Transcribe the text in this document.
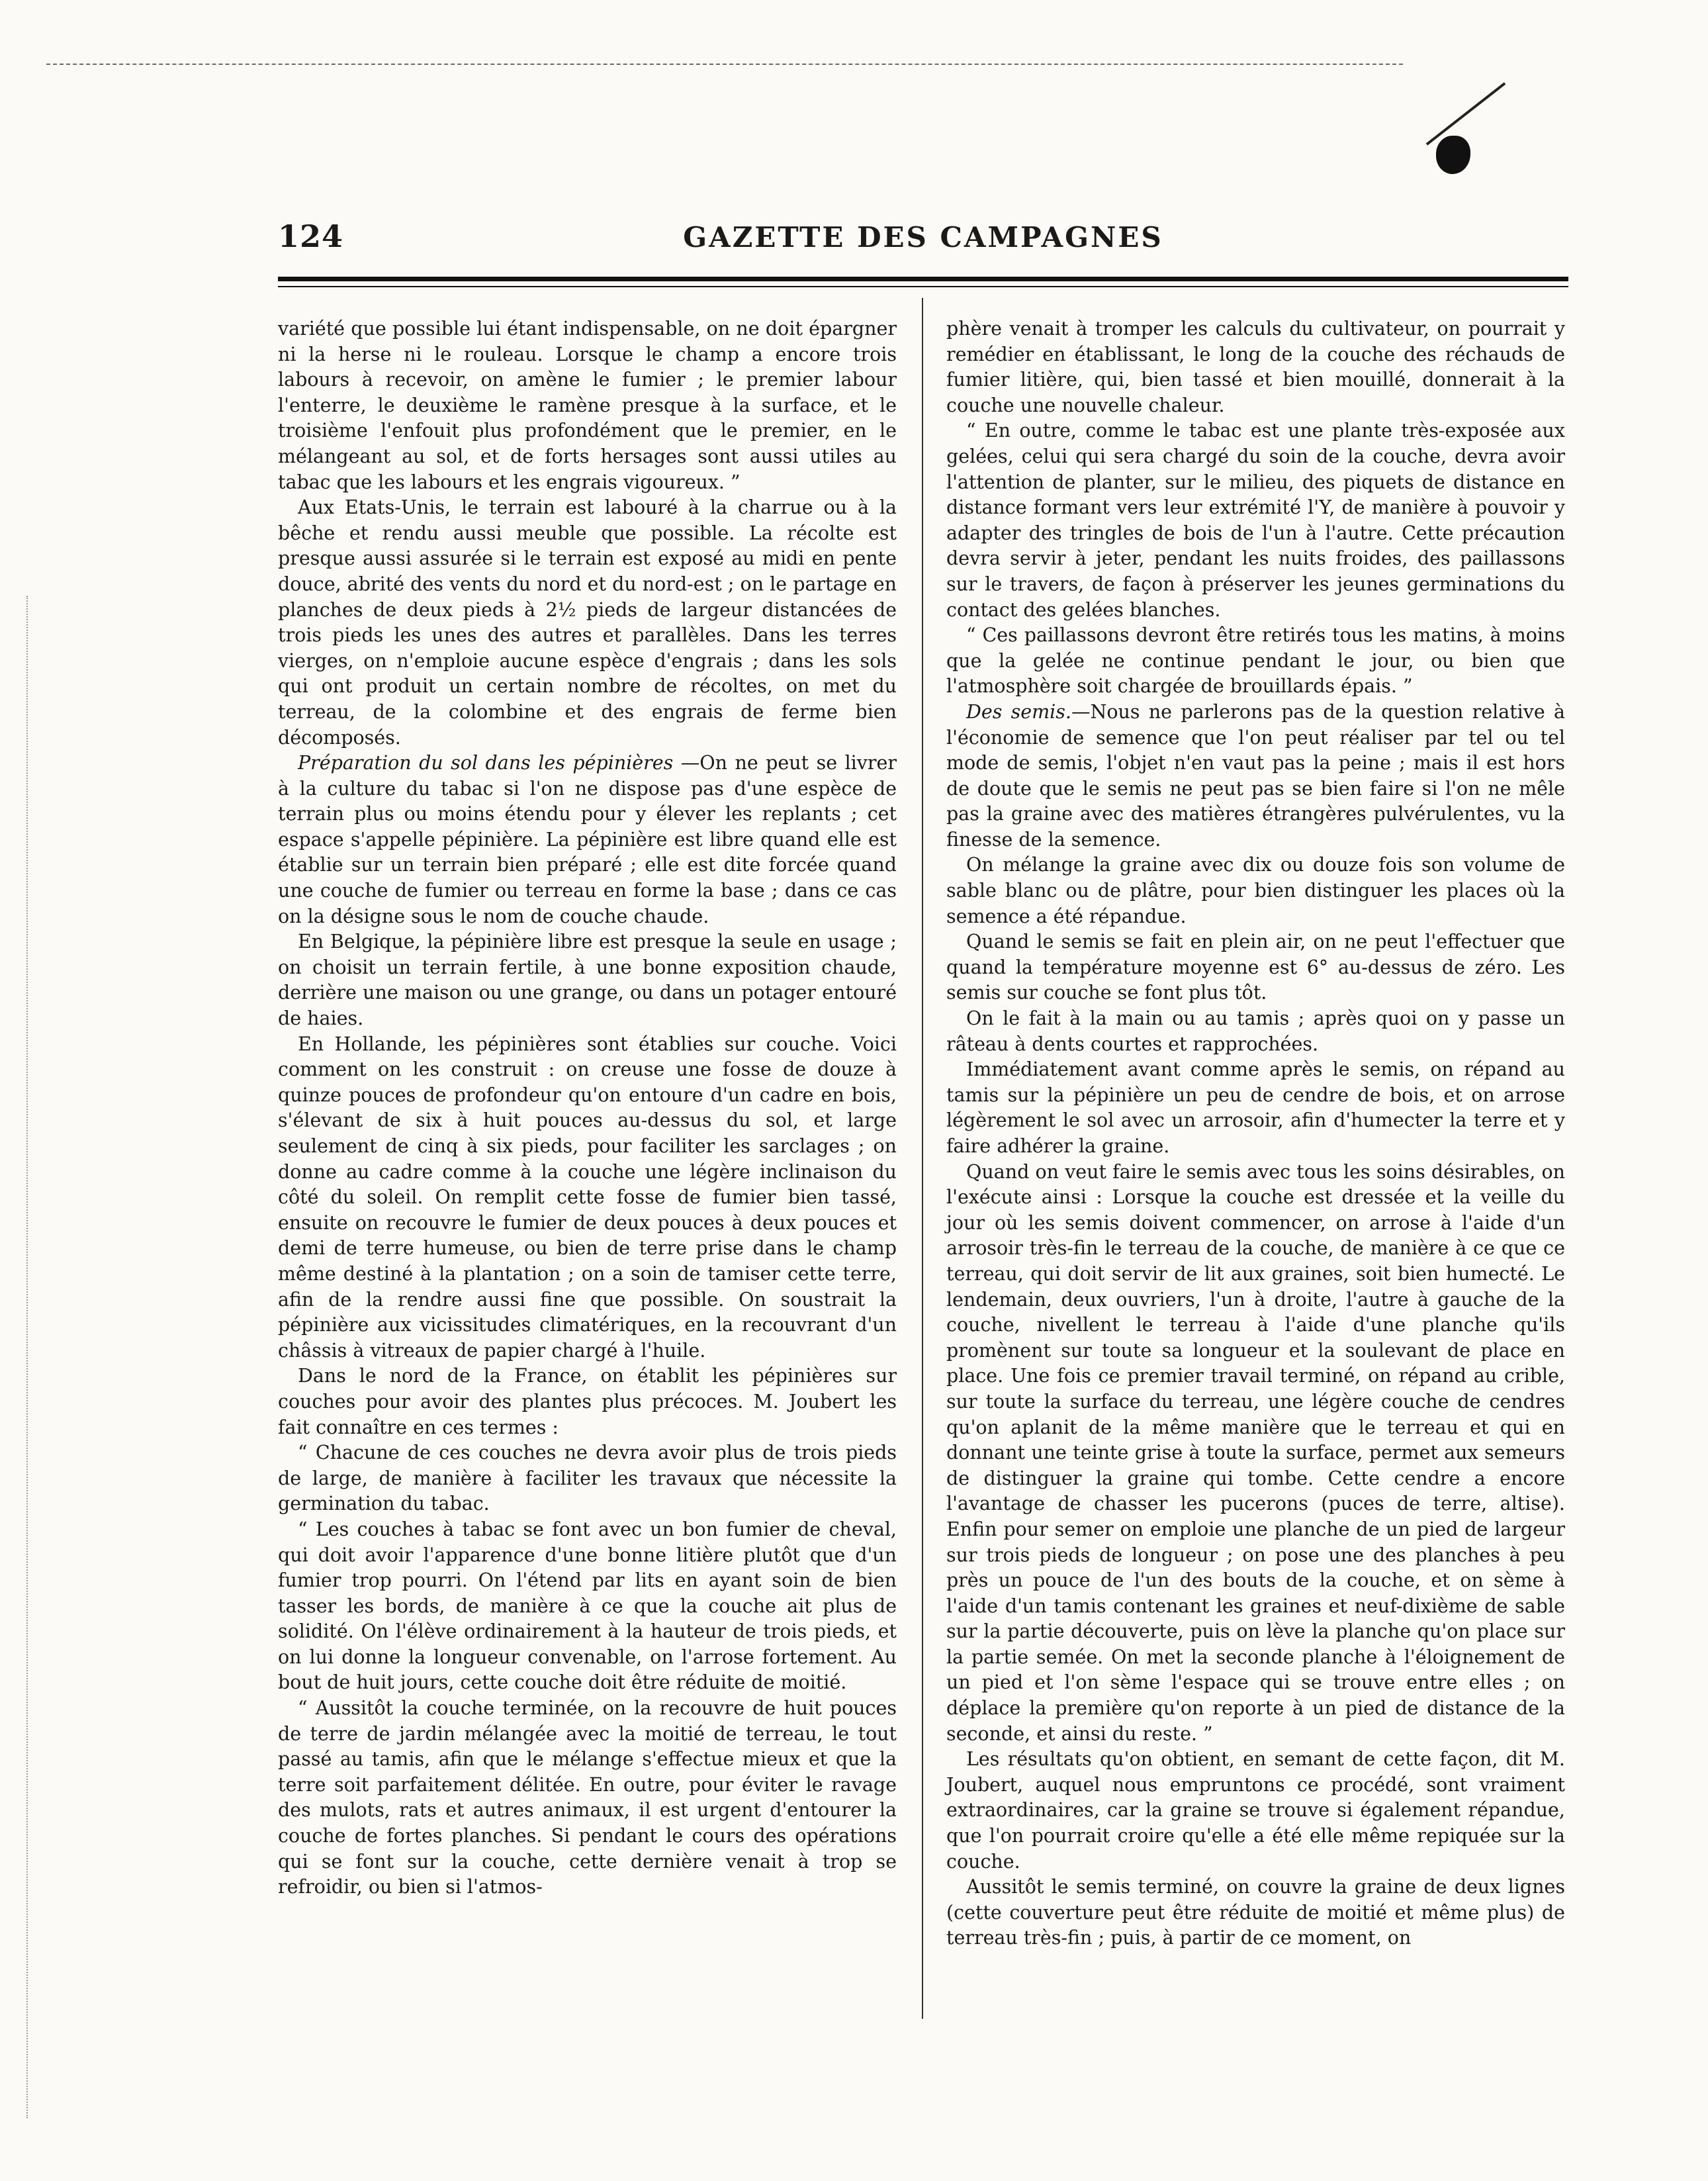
124	GAZETTE DES CAMPAGNES

variété que possible lui étant indispensable, on ne doit épargner ni la herse ni le rouleau. Lorsque le champ a encore trois labours à recevoir, on amène le fumier ; le premier labour l'enterre, le deuxième le ramène presque à la surface, et le troisième l'enfouit plus profondément que le premier, en le mélangeant au sol, et de forts hersages sont aussi utiles au tabac que les labours et les engrais vigoureux. ”

Aux Etats-Unis, le terrain est labouré à la charrue ou à la bêche et rendu aussi meuble que possible. La récolte est presque aussi assurée si le terrain est exposé au midi en pente douce, abrité des vents du nord et du nord-est ; on le partage en planches de deux pieds à 2½ pieds de largeur distancées de trois pieds les unes des autres et parallèles. Dans les terres vierges, on n'emploie aucune espèce d'engrais ; dans les sols qui ont produit un certain nombre de récoltes, on met du terreau, de la colombine et des engrais de ferme bien décomposés.

Préparation du sol dans les pépinières —On ne peut se livrer à la culture du tabac si l'on ne dispose pas d'une espèce de terrain plus ou moins étendu pour y élever les replants ; cet espace s'appelle pépinière. La pépinière est libre quand elle est établie sur un terrain bien préparé ; elle est dite forcée quand une couche de fumier ou terreau en forme la base ; dans ce cas on la désigne sous le nom de couche chaude.

En Belgique, la pépinière libre est presque la seule en usage ; on choisit un terrain fertile, à une bonne exposition chaude, derrière une maison ou une grange, ou dans un potager entouré de haies.

En Hollande, les pépinières sont établies sur couche. Voici comment on les construit : on creuse une fosse de douze à quinze pouces de profondeur qu'on entoure d'un cadre en bois, s'élevant de six à huit pouces au-dessus du sol, et large seulement de cinq à six pieds, pour faciliter les sarclages ; on donne au cadre comme à la couche une légère inclinaison du côté du soleil. On remplit cette fosse de fumier bien tassé, ensuite on recouvre le fumier de deux pouces à deux pouces et demi de terre humeuse, ou bien de terre prise dans le champ même destiné à la plantation ; on a soin de tamiser cette terre, afin de la rendre aussi fine que possible. On soustrait la pépinière aux vicissitudes climatériques, en la recouvrant d'un châssis à vitreaux de papier chargé à l'huile.

Dans le nord de la France, on établit les pépinières sur couches pour avoir des plantes plus précoces. M. Joubert les fait connaître en ces termes :

“ Chacune de ces couches ne devra avoir plus de trois pieds de large, de manière à faciliter les travaux que nécessite la germination du tabac.

“ Les couches à tabac se font avec un bon fumier de cheval, qui doit avoir l'apparence d'une bonne litière plutôt que d'un fumier trop pourri. On l'étend par lits en ayant soin de bien tasser les bords, de manière à ce que la couche ait plus de solidité. On l'élève ordinairement à la hauteur de trois pieds, et on lui donne la longueur convenable, on l'arrose fortement. Au bout de huit jours, cette couche doit être réduite de moitié.

“ Aussitôt la couche terminée, on la recouvre de huit pouces de terre de jardin mélangée avec la moitié de terreau, le tout passé au tamis, afin que le mélange s'effectue mieux et que la terre soit parfaitement délitée. En outre, pour éviter le ravage des mulots, rats et autres animaux, il est urgent d'entourer la couche de fortes planches. Si pendant le cours des opérations qui se font sur la couche, cette dernière venait à trop se refroidir, ou bien si l'atmos-

phère venait à tromper les calculs du cultivateur, on pourrait y remédier en établissant, le long de la couche des réchauds de fumier litière, qui, bien tassé et bien mouillé, donnerait à la couche une nouvelle chaleur.

“ En outre, comme le tabac est une plante très-exposée aux gelées, celui qui sera chargé du soin de la couche, devra avoir l'attention de planter, sur le milieu, des piquets de distance en distance formant vers leur extrémité l'Y, de manière à pouvoir y adapter des tringles de bois de l'un à l'autre. Cette précaution devra servir à jeter, pendant les nuits froides, des paillassons sur le travers, de façon à préserver les jeunes germinations du contact des gelées blanches.

“ Ces paillassons devront être retirés tous les matins, à moins que la gelée ne continue pendant le jour, ou bien que l'atmosphère soit chargée de brouillards épais. ”

Des semis.—Nous ne parlerons pas de la question relative à l'économie de semence que l'on peut réaliser par tel ou tel mode de semis, l'objet n'en vaut pas la peine ; mais il est hors de doute que le semis ne peut pas se bien faire si l'on ne mêle pas la graine avec des matières étrangères pulvérulentes, vu la finesse de la semence.

On mélange la graine avec dix ou douze fois son volume de sable blanc ou de plâtre, pour bien distinguer les places où la semence a été répandue.

Quand le semis se fait en plein air, on ne peut l'effectuer que quand la température moyenne est 6° au-dessus de zéro. Les semis sur couche se font plus tôt.

On le fait à la main ou au tamis ; après quoi on y passe un râteau à dents courtes et rapprochées.

Immédiatement avant comme après le semis, on répand au tamis sur la pépinière un peu de cendre de bois, et on arrose légèrement le sol avec un arrosoir, afin d'humecter la terre et y faire adhérer la graine.

Quand on veut faire le semis avec tous les soins désirables, on l'exécute ainsi : Lorsque la couche est dressée et la veille du jour où les semis doivent commencer, on arrose à l'aide d'un arrosoir très-fin le terreau de la couche, de manière à ce que ce terreau, qui doit servir de lit aux graines, soit bien humecté. Le lendemain, deux ouvriers, l'un à droite, l'autre à gauche de la couche, nivellent le terreau à l'aide d'une planche qu'ils promènent sur toute sa longueur et la soulevant de place en place. Une fois ce premier travail terminé, on répand au crible, sur toute la surface du terreau, une légère couche de cendres qu'on aplanit de la même manière que le terreau et qui en donnant une teinte grise à toute la surface, permet aux semeurs de distinguer la graine qui tombe. Cette cendre a encore l'avantage de chasser les pucerons (puces de terre, altise). Enfin pour semer on emploie une planche de un pied de largeur sur trois pieds de longueur ; on pose une des planches à peu près un pouce de l'un des bouts de la couche, et on sème à l'aide d'un tamis contenant les graines et neuf-dixième de sable sur la partie découverte, puis on lève la planche qu'on place sur la partie semée. On met la seconde planche à l'éloignement de un pied et l'on sème l'espace qui se trouve entre elles ; on déplace la première qu'on reporte à un pied de distance de la seconde, et ainsi du reste. ”

Les résultats qu'on obtient, en semant de cette façon, dit M. Joubert, auquel nous empruntons ce procédé, sont vraiment extraordinaires, car la graine se trouve si également répandue, que l'on pourrait croire qu'elle a été elle même repiquée sur la couche.

Aussitôt le semis terminé, on couvre la graine de deux lignes (cette couverture peut être réduite de moitié et même plus) de terreau très-fin ; puis, à partir de ce moment, on
